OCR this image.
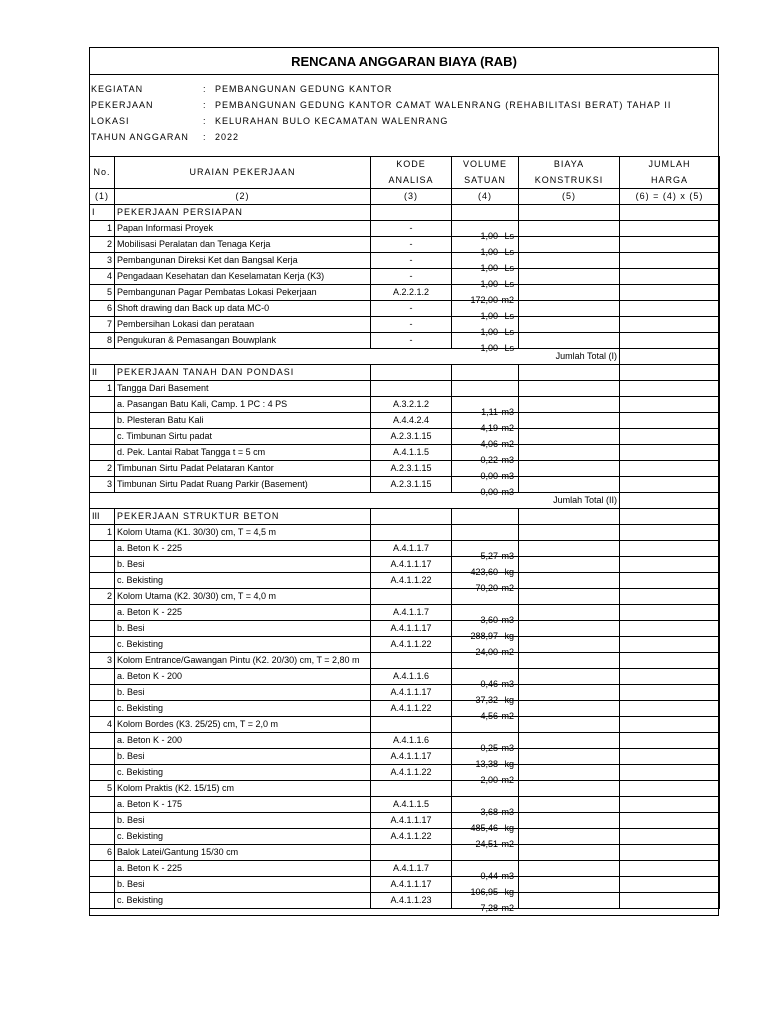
RENCANA ANGGARAN BIAYA (RAB)
KEGIATAN	: PEMBANGUNAN GEDUNG KANTOR
PEKERJAAN	: PEMBANGUNAN GEDUNG KANTOR CAMAT WALENRANG (REHABILITASI BERAT) TAHAP II
LOKASI	: KELURAHAN BULO KECAMATAN WALENRANG
TAHUN ANGGARAN	: 2022
No.	URAIAN PEKERJAAN	KODE	VOLUME	BIAYA	JUMLAH
		ANALISA	SATUAN	KONSTRUKSI	HARGA
(1)	(2)	(3)	(4)	(5)	(6) = (4) x (5)
I	PEKERJAAN PERSIAPAN				
1	Papan Informasi Proyek	-	1,00 Ls		

2	Mobilisasi Peralatan dan Tenaga Kerja	-	1,00 Ls		

3	Pembangunan Direksi Ket dan Bangsal Kerja	-	1,00 Ls		

4	Pengadaan Kesehatan dan Keselamatan Kerja (K3)	-	1,00 Ls		

5	Pembangunan Pagar Pembatas Lokasi Pekerjaan	A.2.2.1.2	172,00 m2		

6	Shoft drawing dan Back up data MC-0	-	1,00 Ls		

7	Pembersihan Lokasi dan perataan	-	1,00 Ls		

8	Pengukuran & Pemasangan Bouwplank	-	1,00 Ls		

Jumlah Total (I)					
II	PEKERJAAN TANAH DAN PONDASI				
1	Tangga Dari Basement		

	a. Pasangan Batu Kali, Camp. 1 PC : 4 PS	A.3.2.1.2	1,11 m3		

	b. Plesteran Batu Kali	A.4.4.2.4	4,19 m2		

	c. Timbunan Sirtu padat	A.2.3.1.15	4,06 m2		

	d. Pek. Lantai Rabat Tangga t = 5 cm	A.4.1.1.5	0,22 m3		

2	Timbunan Sirtu Padat Pelataran Kantor	A.2.3.1.15	0,00 m3		

3	Timbunan Sirtu Padat Ruang Parkir (Basement)	A.2.3.1.15	0,00 m3		

Jumlah Total (II)					
III	PEKERJAAN STRUKTUR BETON				
1	Kolom Utama (K1. 30/30) cm, T = 4,5 m		

	a. Beton K - 225	A.4.1.1.7	5,27 m3		

	b. Besi	A.4.1.1.17	423,60 kg		

	c. Bekisting	A.4.1.1.22	70,20 m2		

2	Kolom Utama (K2. 30/30) cm, T = 4,0 m		

	a. Beton K - 225	A.4.1.1.7	3,60 m3		

	b. Besi	A.4.1.1.17	288,97 kg		

	c. Bekisting	A.4.1.1.22	24,00 m2		

3	Kolom Entrance/Gawangan Pintu (K2. 20/30) cm, T = 2,80 m		

	a. Beton K - 200	A.4.1.1.6	0,46 m3		

	b. Besi	A.4.1.1.17	37,32 kg		

	c. Bekisting	A.4.1.1.22	4,56 m2		

4	Kolom Bordes (K3. 25/25) cm, T = 2,0 m		

	a. Beton K - 200	A.4.1.1.6	0,25 m3		

	b. Besi	A.4.1.1.17	13,38 kg		

	c. Bekisting	A.4.1.1.22	2,00 m2		

5	Kolom Praktis (K2. 15/15) cm		

	a. Beton K - 175	A.4.1.1.5	3,68 m3		

	b. Besi	A.4.1.1.17	485,46 kg		

	c. Bekisting	A.4.1.1.22	24,51 m2		

6	Balok Latei/Gantung 15/30 cm		

	a. Beton K - 225	A.4.1.1.7	0,44 m3		

	b. Besi	A.4.1.1.17	106,95 kg		

	c. Bekisting	A.4.1.1.23	7,28 m2		
